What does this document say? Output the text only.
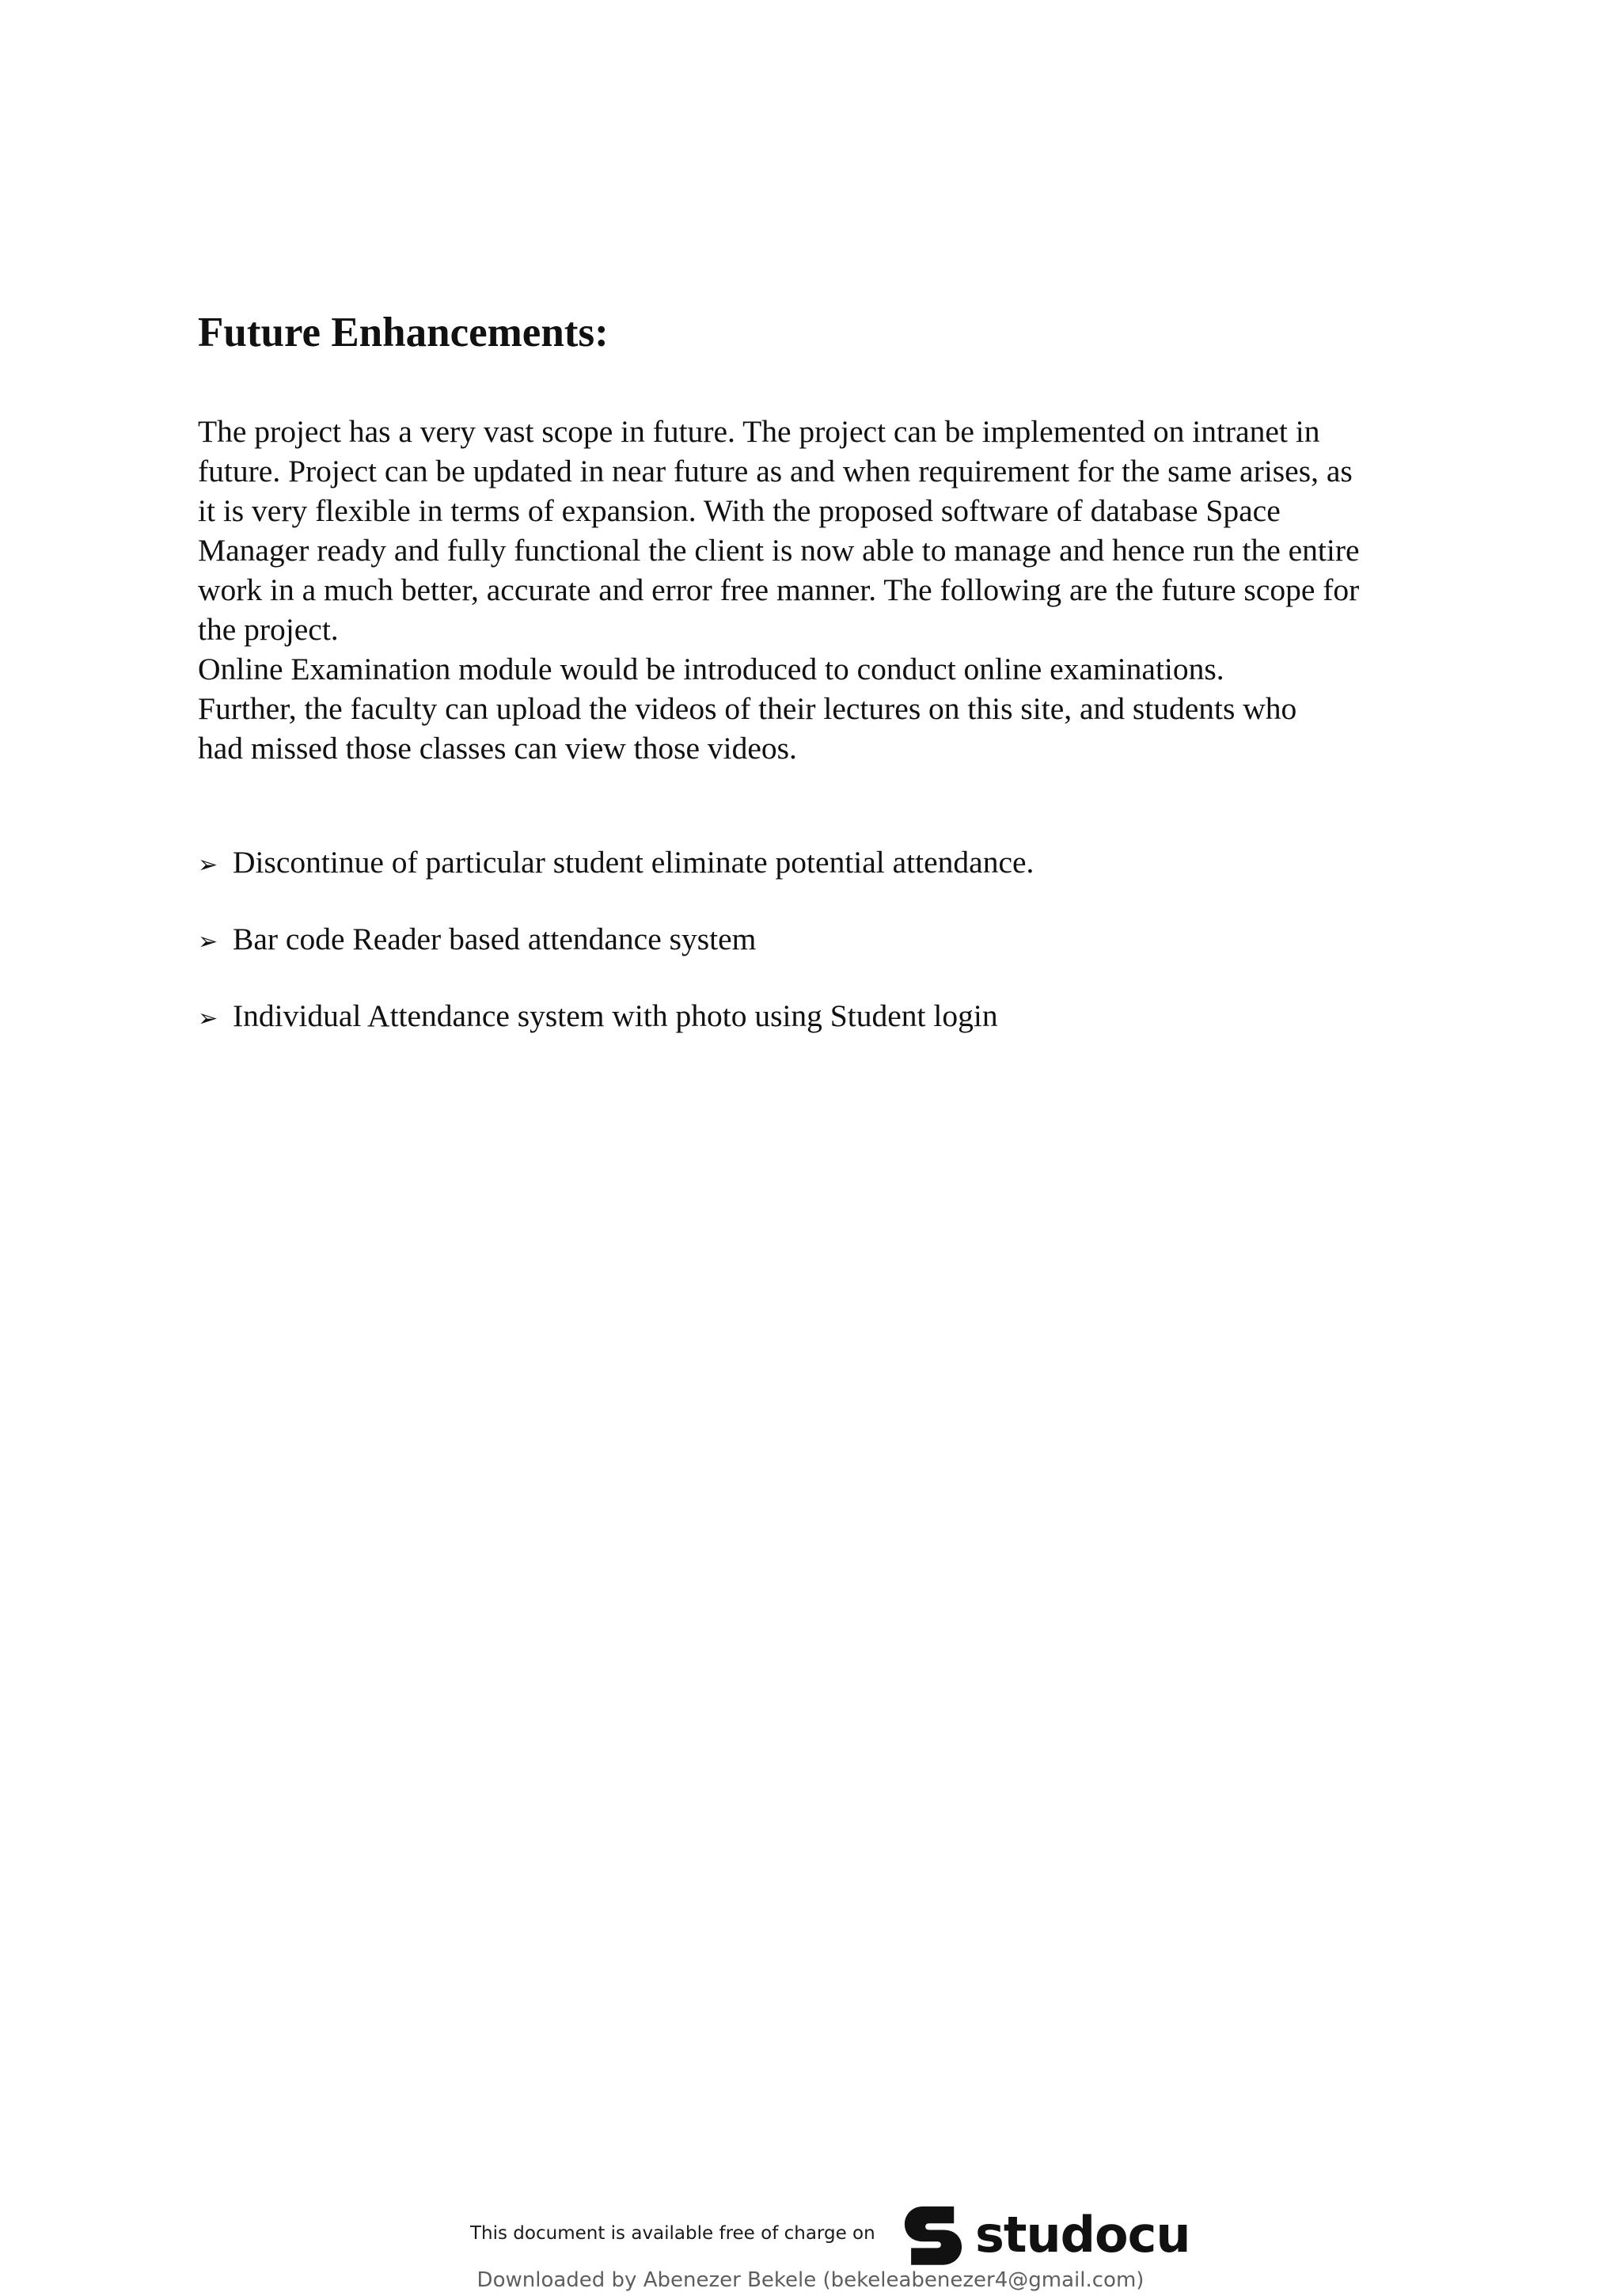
Future Enhancements:
The project has a very vast scope in future. The project can be implemented on intranet in
future. Project can be updated in near future as and when requirement for the same arises, as
it is very flexible in terms of expansion. With the proposed software of database Space
Manager ready and fully functional the client is now able to manage and hence run the entire
work in a much better, accurate and error free manner. The following are the future scope for
the project.
Online Examination module would be introduced to conduct online examinations.
Further, the faculty can upload the videos of their lectures on this site, and students who
had missed those classes can view those videos.
➢ Discontinue of particular student eliminate potential attendance.
➢ Bar code Reader based attendance system
➢ Individual Attendance system with photo using Student login
This document is available free of charge on studocu
Downloaded by Abenezer Bekele (bekeleabenezer4@gmail.com)
